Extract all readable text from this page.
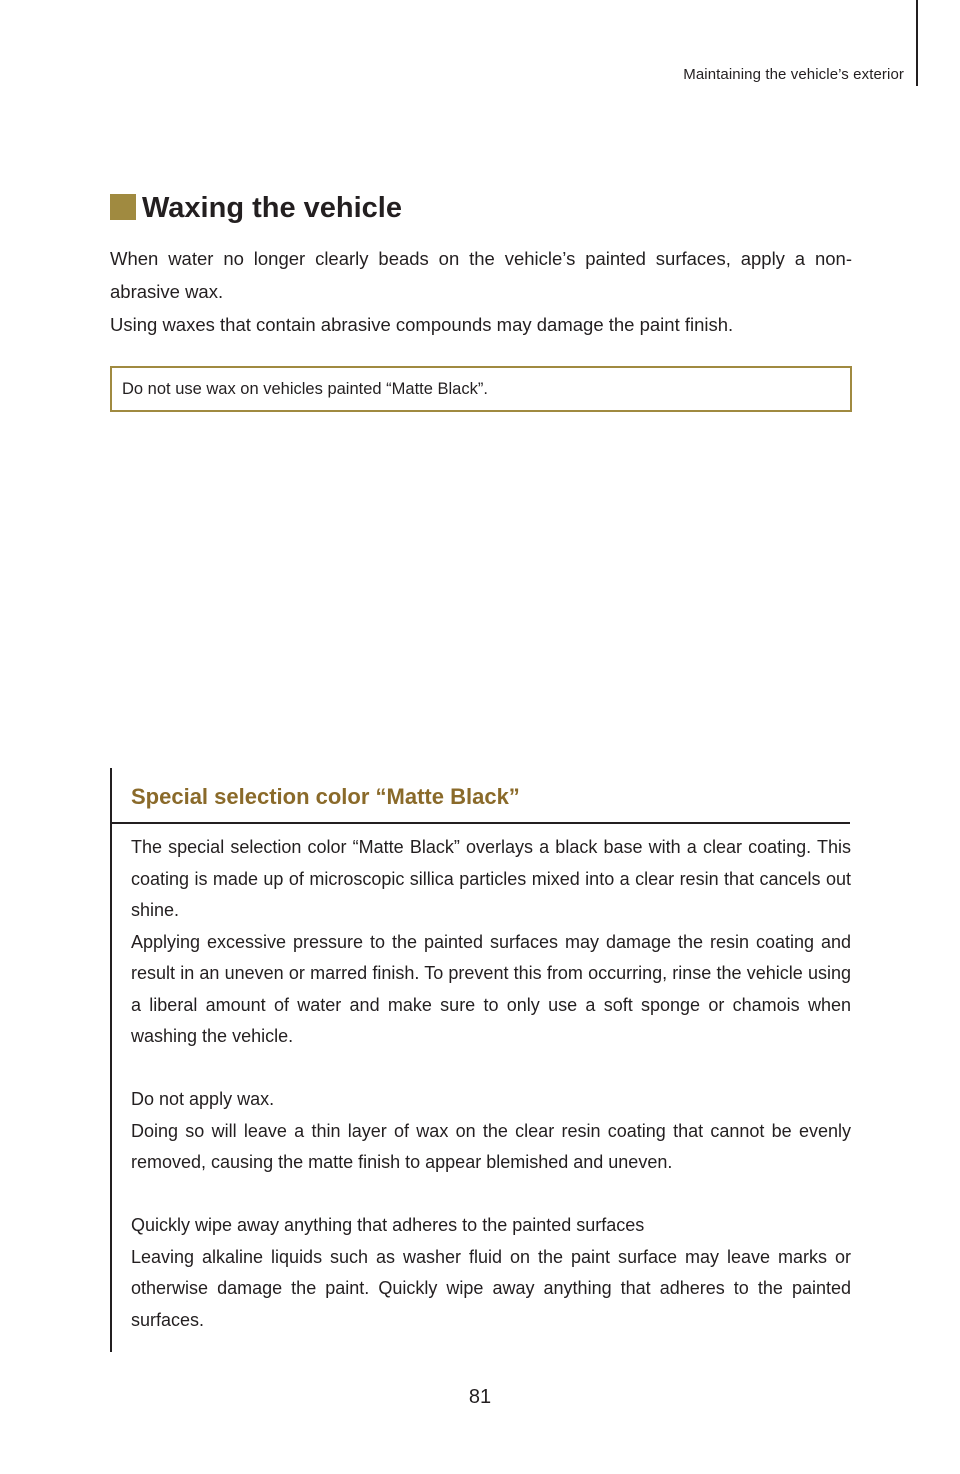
Maintaining the vehicle’s exterior
Waxing the vehicle

When water no longer clearly beads on the vehicle’s painted surfaces, apply a non-abrasive wax.

Using waxes that contain abrasive compounds may damage the paint finish.

Do not use wax on vehicles painted “Matte Black”.
Special selection color “Matte Black”

The special selection color “Matte Black” overlays a black base with a clear coating. This coating is made up of microscopic sillica particles mixed into a clear resin that cancels out shine.

Applying excessive pressure to the painted surfaces may damage the resin coating and result in an uneven or marred finish. To prevent this from occurring, rinse the vehicle using a liberal amount of water and make sure to only use a soft sponge or chamois when washing the vehicle.

Do not apply wax.

Doing so will leave a thin layer of wax on the clear resin coating that cannot be evenly removed, causing the matte finish to appear blemished and uneven.

Quickly wipe away anything that adheres to the painted surfaces

Leaving alkaline liquids such as washer fluid on the paint surface may leave marks or otherwise damage the paint. Quickly wipe away anything that adheres to the painted surfaces.

81
